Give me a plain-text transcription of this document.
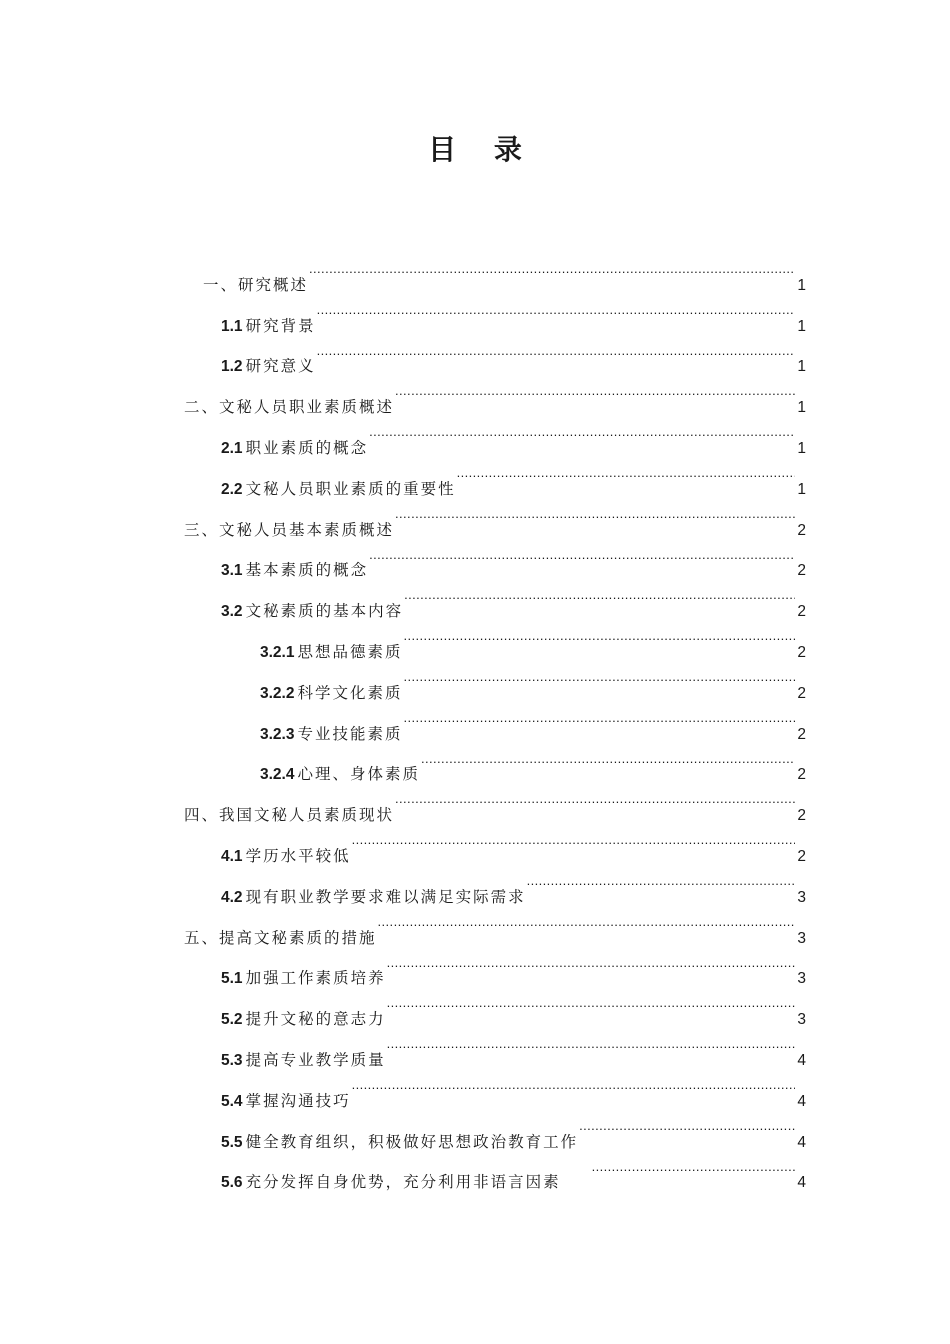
目 录
一、研究概述 .....	1
1.1 研究背景 .....	1
1.2 研究意义 .....	1
二、文秘人员职业素质概述 .....	1
2.1 职业素质的概念 .....	1
2.2 文秘人员职业素质的重要性 .....	1
三、文秘人员基本素质概述 .....	2
3.1 基本素质的概念 .....	2
3.2 文秘素质的基本内容 .....	2
3.2.1 思想品德素质 .....	2
3.2.2 科学文化素质 .....	2
3.2.3 专业技能素质 .....	2
3.2.4 心理、身体素质 .....	2
四、我国文秘人员素质现状 .....	2
4.1 学历水平较低 .....	2
4.2 现有职业教学要求难以满足实际需求 .....	3
五、提高文秘素质的措施 .....	3
5.1 加强工作素质培养 .....	3
5.2 提升文秘的意志力 .....	3
5.3 提高专业教学质量 .....	4
5.4 掌握沟通技巧 .....	4
5.5 健全教育组织，积极做好思想政治教育工作 .....	4
5.6 充分发挥自身优势，充分利用非语言因素 .....	4
